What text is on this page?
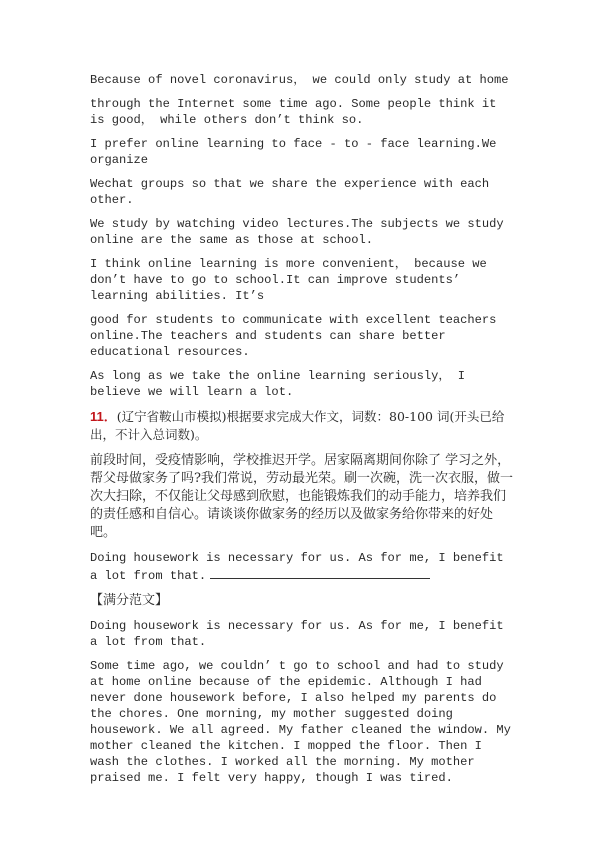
Because of novel coronavirus， we could only study at home

through the Internet some time ago. Some people think it is good， while others don’t think so.

I prefer online learning to face - to - face learning.We organize

Wechat groups so that we share the experience with each other.

We study by watching video lectures.The subjects we study online are the same as those at school.

I think online learning is more convenient， because we don’t have to go to school.It can improve students’ learning abilities. It’s

good for students to communicate with excellent teachers online.The teachers and students can share better educational resources.

As long as we take the online learning seriously， I believe we will learn a lot.

11．(辽宁省鞍山市模拟)根据要求完成大作文，词数：80-100 词(开头已给出，不计入总词数)。

前段时间，受疫情影响，学校推迟开学。居家隔离期间你除了 学习之外，帮父母做家务了吗?我们常说，劳动最光荣。刷一次碗，洗一次衣服，做一次大扫除，不仅能让父母感到欣慰，也能锻炼我们的动手能力，培养我们的责任感和自信心。请谈谈你做家务的经历以及做家务给你带来的好处吧。

Doing housework is necessary for us. As for me, I benefit a lot from that.

【满分范文】

Doing housework is necessary for us. As for me, I benefit a lot from that.

Some time ago, we couldn’ t go to school and had to study at home online because of the epidemic. Although I had never done housework before, I also helped my parents do the chores. One morning, my mother suggested doing housework. We all agreed. My father cleaned the window. My mother cleaned the kitchen. I mopped the floor. Then I wash the clothes. I worked all the morning. My mother praised me. I felt very happy, though I was tired.
